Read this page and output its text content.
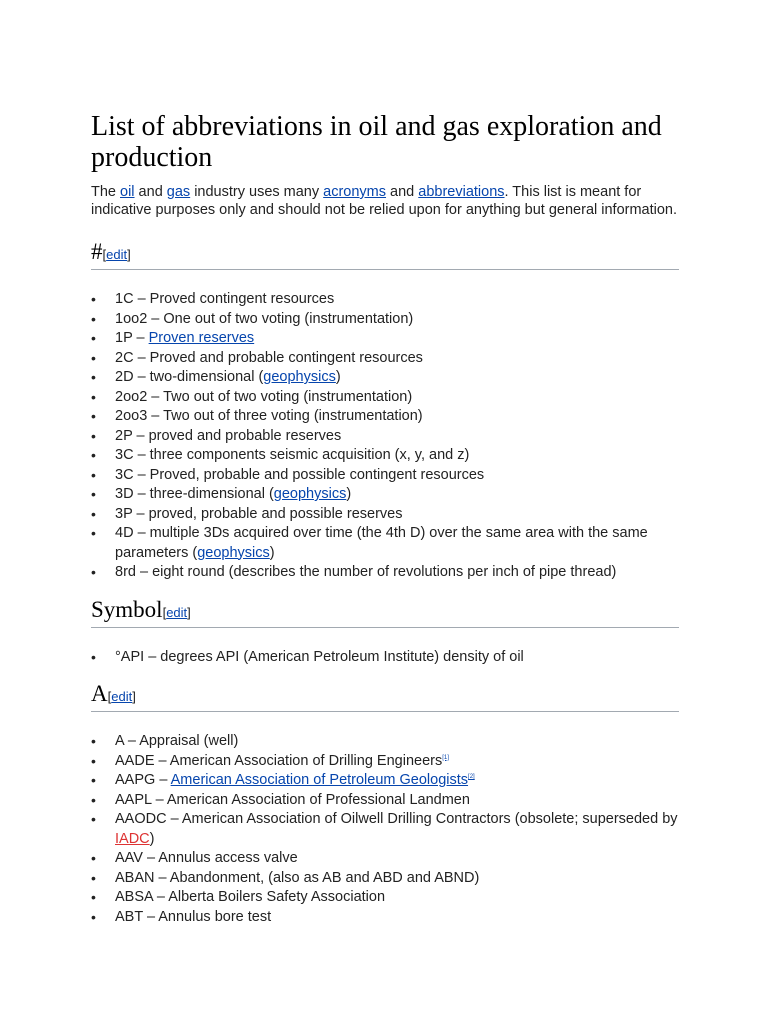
List of abbreviations in oil and gas exploration and production

The oil and gas industry uses many acronyms and abbreviations. This list is meant for indicative purposes only and should not be relied upon for anything but general information.

#[edit]
• 1C – Proved contingent resources
• 1oo2 – One out of two voting (instrumentation)
• 1P – Proven reserves
• 2C – Proved and probable contingent resources
• 2D – two-dimensional (geophysics)
• 2oo2 – Two out of two voting (instrumentation)
• 2oo3 – Two out of three voting (instrumentation)
• 2P – proved and probable reserves
• 3C – three components seismic acquisition (x, y, and z)
• 3C – Proved, probable and possible contingent resources
• 3D – three-dimensional (geophysics)
• 3P – proved, probable and possible reserves
• 4D – multiple 3Ds acquired over time (the 4th D) over the same area with the same parameters (geophysics)
• 8rd – eight round (describes the number of revolutions per inch of pipe thread)
Symbol[edit]
• °API – degrees API (American Petroleum Institute) density of oil
A[edit]
• A – Appraisal (well)
• AADE – American Association of Drilling Engineers[1]
• AAPG – American Association of Petroleum Geologists[2]
• AAPL – American Association of Professional Landmen
• AAODC – American Association of Oilwell Drilling Contractors (obsolete; superseded by IADC)
• AAV – Annulus access valve
• ABAN – Abandonment, (also as AB and ABD and ABND)
• ABSA – Alberta Boilers Safety Association
• ABT – Annulus bore test
